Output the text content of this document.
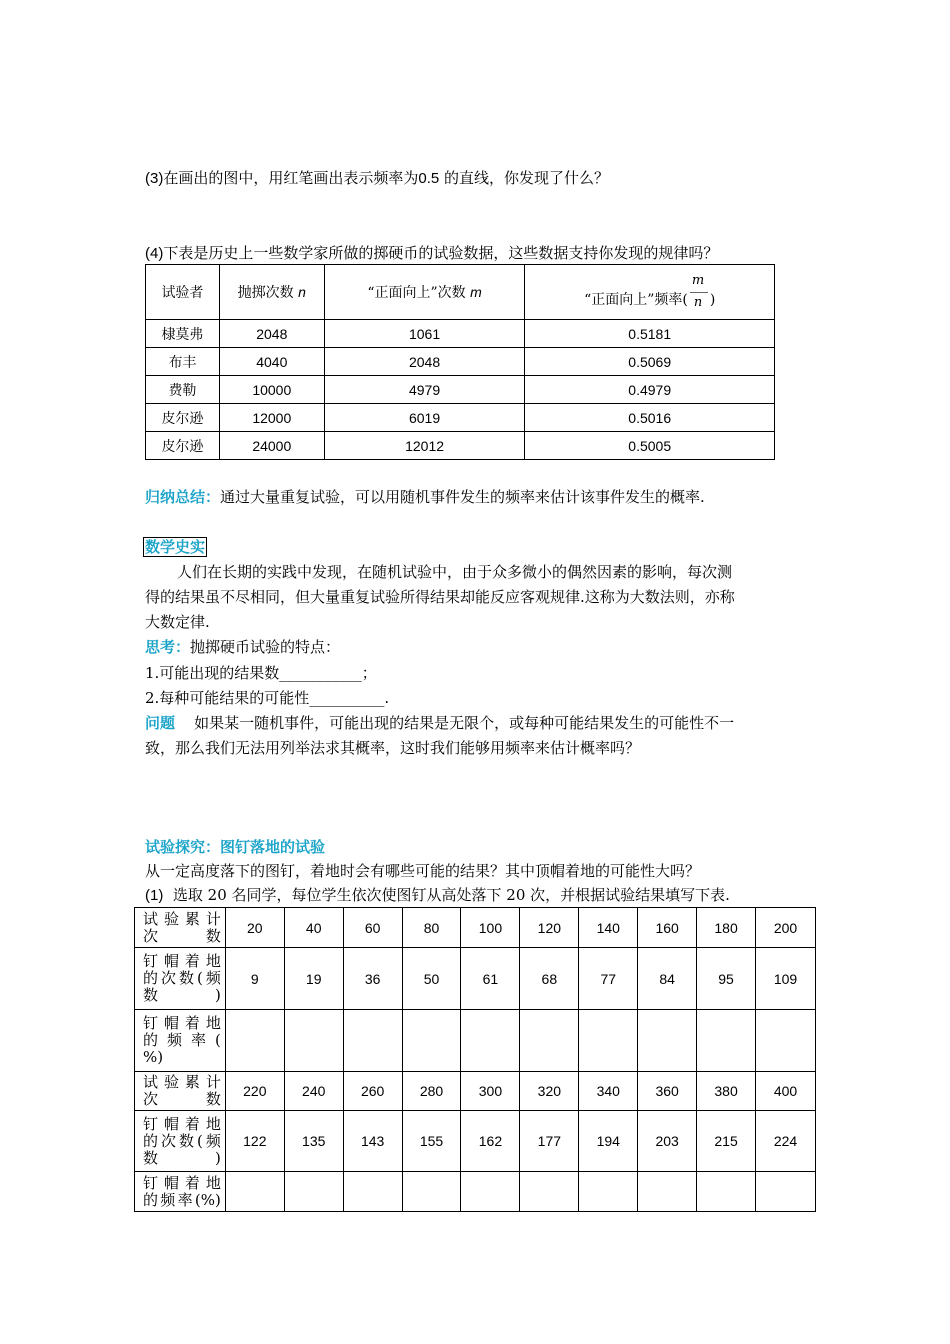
(3)在画出的图中，用红笔画出表示频率为0.5 的直线，你发现了什么？
(4)下表是历史上一些数学家所做的掷硬币的试验数据，这些数据支持你发现的规律吗？
试验者	抛掷次数 n	“正面向上”次数 m	“正面向上”频率( $\frac{m}{n}$ )
棣莫弗	2048	1061	0.5181
布丰	4040	2048	0.5069
费勒	10000	4979	0.4979
皮尔逊	12000	6019	0.5016
皮尔逊	24000	12012	0.5005
归纳总结：通过大量重复试验，可以用随机事件发生的频率来估计该事件发生的概率.
数学史实
人们在长期的实践中发现，在随机试验中，由于众多微小的偶然因素的影响，每次测
得的结果虽不尽相同，但大量重复试验所得结果却能反应客观规律.这称为大数法则，亦称
大数定律.
思考：抛掷硬币试验的特点：
1.可能出现的结果数___________；
2.每种可能结果的可能性__________.
问题 如果某一随机事件，可能出现的结果是无限个，或每种可能结果发生的可能性不一
致，那么我们无法用列举法求其概率，这时我们能够用频率来估计概率吗？
试验探究：图钉落地的试验
从一定高度落下的图钉，着地时会有哪些可能的结果？其中顶帽着地的可能性大吗？
(1) 选取 20 名同学，每位学生依次使图钉从高处落下 20 次，并根据试验结果填写下表.
试验累计
次数	20	40	60	80	100	120	140	160	180	200

钉帽着地
的次数(频
数)	9	19	36	50	61	68	77	84	95	109

钉帽着地
的 频 率 (
%)										

试验累计
次数	220	240	260	280	300	320	340	360	380	400

钉帽着地
的次数(频
数)	122	135	143	155	162	177	194	203	215	224

钉帽着地
的频率(%)										
